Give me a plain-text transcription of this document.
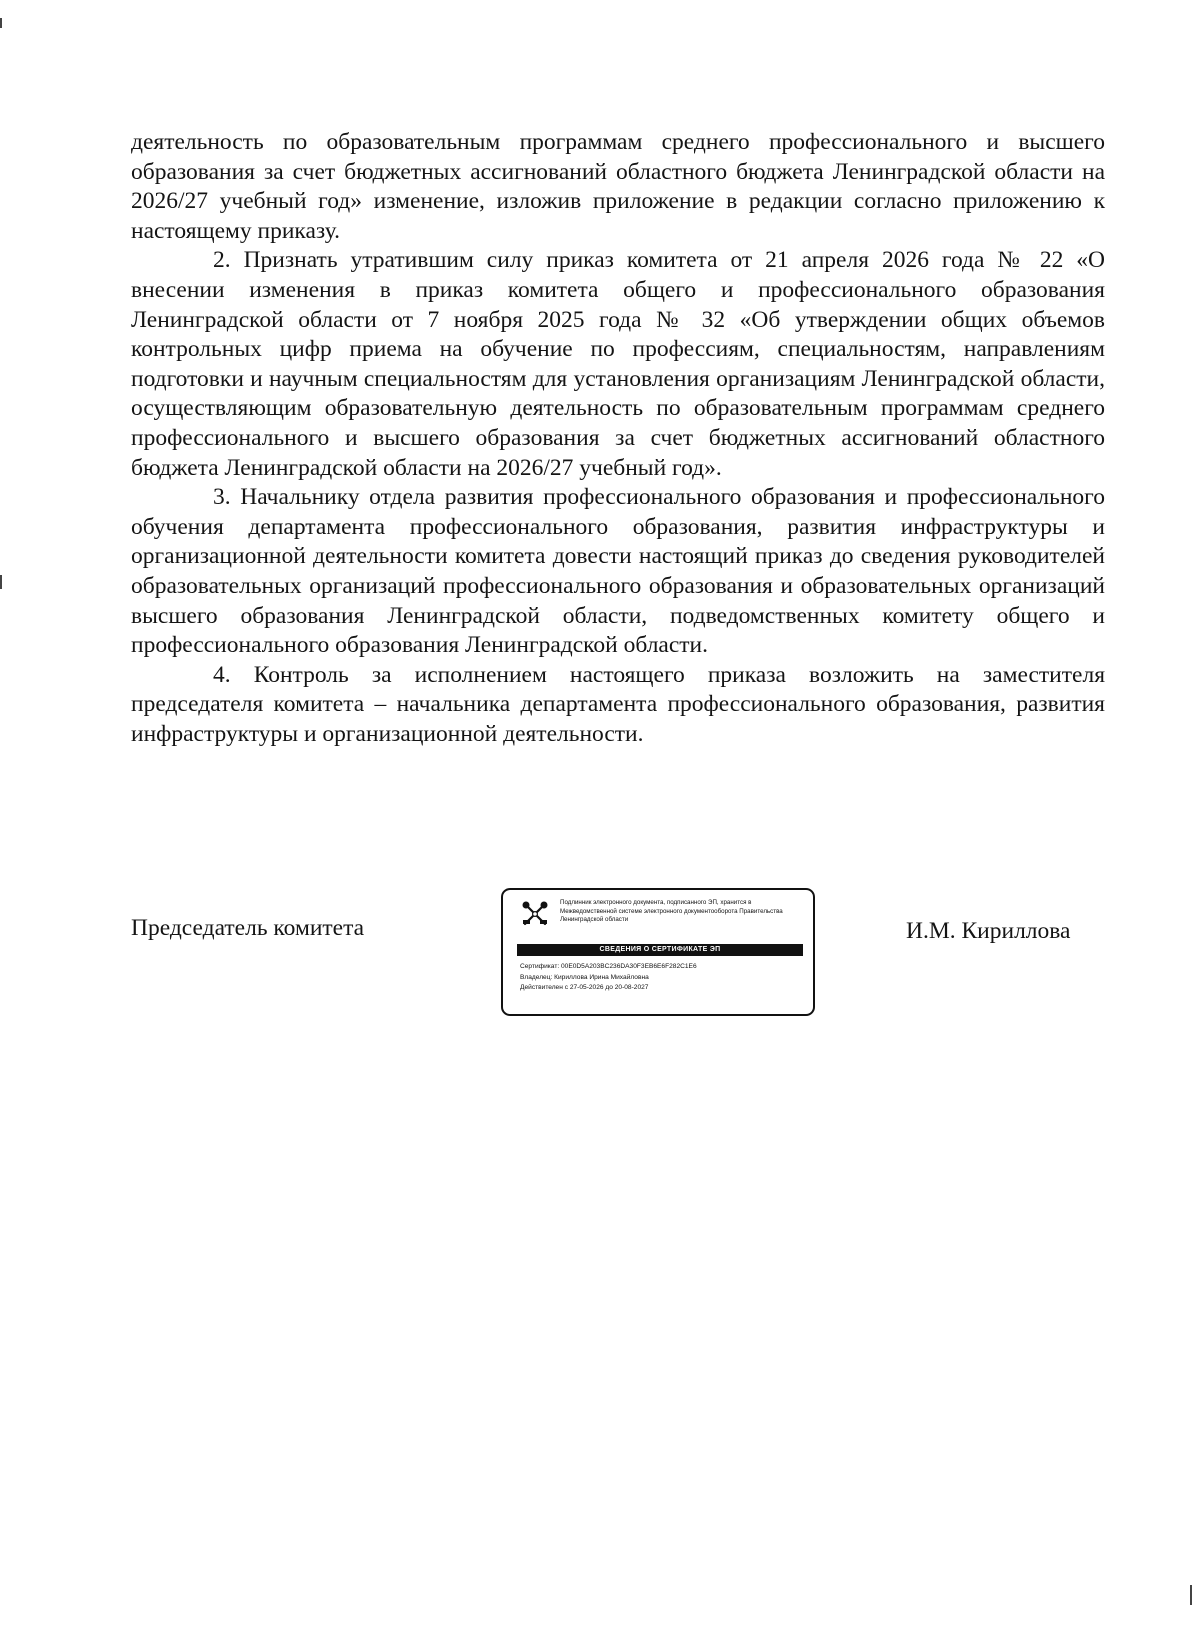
деятельность по образовательным программам среднего профессионального и высшего образования за счет бюджетных ассигнований областного бюджета Ленинградской области на 2026/27 учебный год» изменение, изложив приложение в редакции согласно приложению к настоящему приказу.

2. Признать утратившим силу приказ комитета от 21 апреля 2026 года № 22 «О внесении изменения в приказ комитета общего и профессионального образования Ленинградской области от 7 ноября 2025 года № 32 «Об утверждении общих объемов контрольных цифр приема на обучение по профессиям, специальностям, направлениям подготовки и научным специальностям для установления организациям Ленинградской области, осуществляющим образовательную деятельность по образовательным программам среднего профессионального и высшего образования за счет бюджетных ассигнований областного бюджета Ленинградской области на 2026/27 учебный год».

3. Начальнику отдела развития профессионального образования и профессионального обучения департамента профессионального образования, развития инфраструктуры и организационной деятельности комитета довести настоящий приказ до сведения руководителей образовательных организаций профессионального образования и образовательных организаций высшего образования Ленинградской области, подведомственных комитету общего и профессионального образования Ленинградской области.

4. Контроль за исполнением настоящего приказа возложить на заместителя председателя комитета – начальника департамента профессионального образования, развития инфраструктуры и организационной деятельности.

Председатель комитета
Подлинник электронного документа, подписанного ЭП, хранится в Межведомственной системе электронного документооборота Правительства Ленинградской области
СВЕДЕНИЯ О СЕРТИФИКАТЕ ЭП
Сертификат: 00E0D5A203BC236DA30F3EB6E6F282C1E6
Владелец: Кириллова Ирина Михайловна
Действителен с 27-05-2026 до 20-08-2027
И.М. Кириллова
